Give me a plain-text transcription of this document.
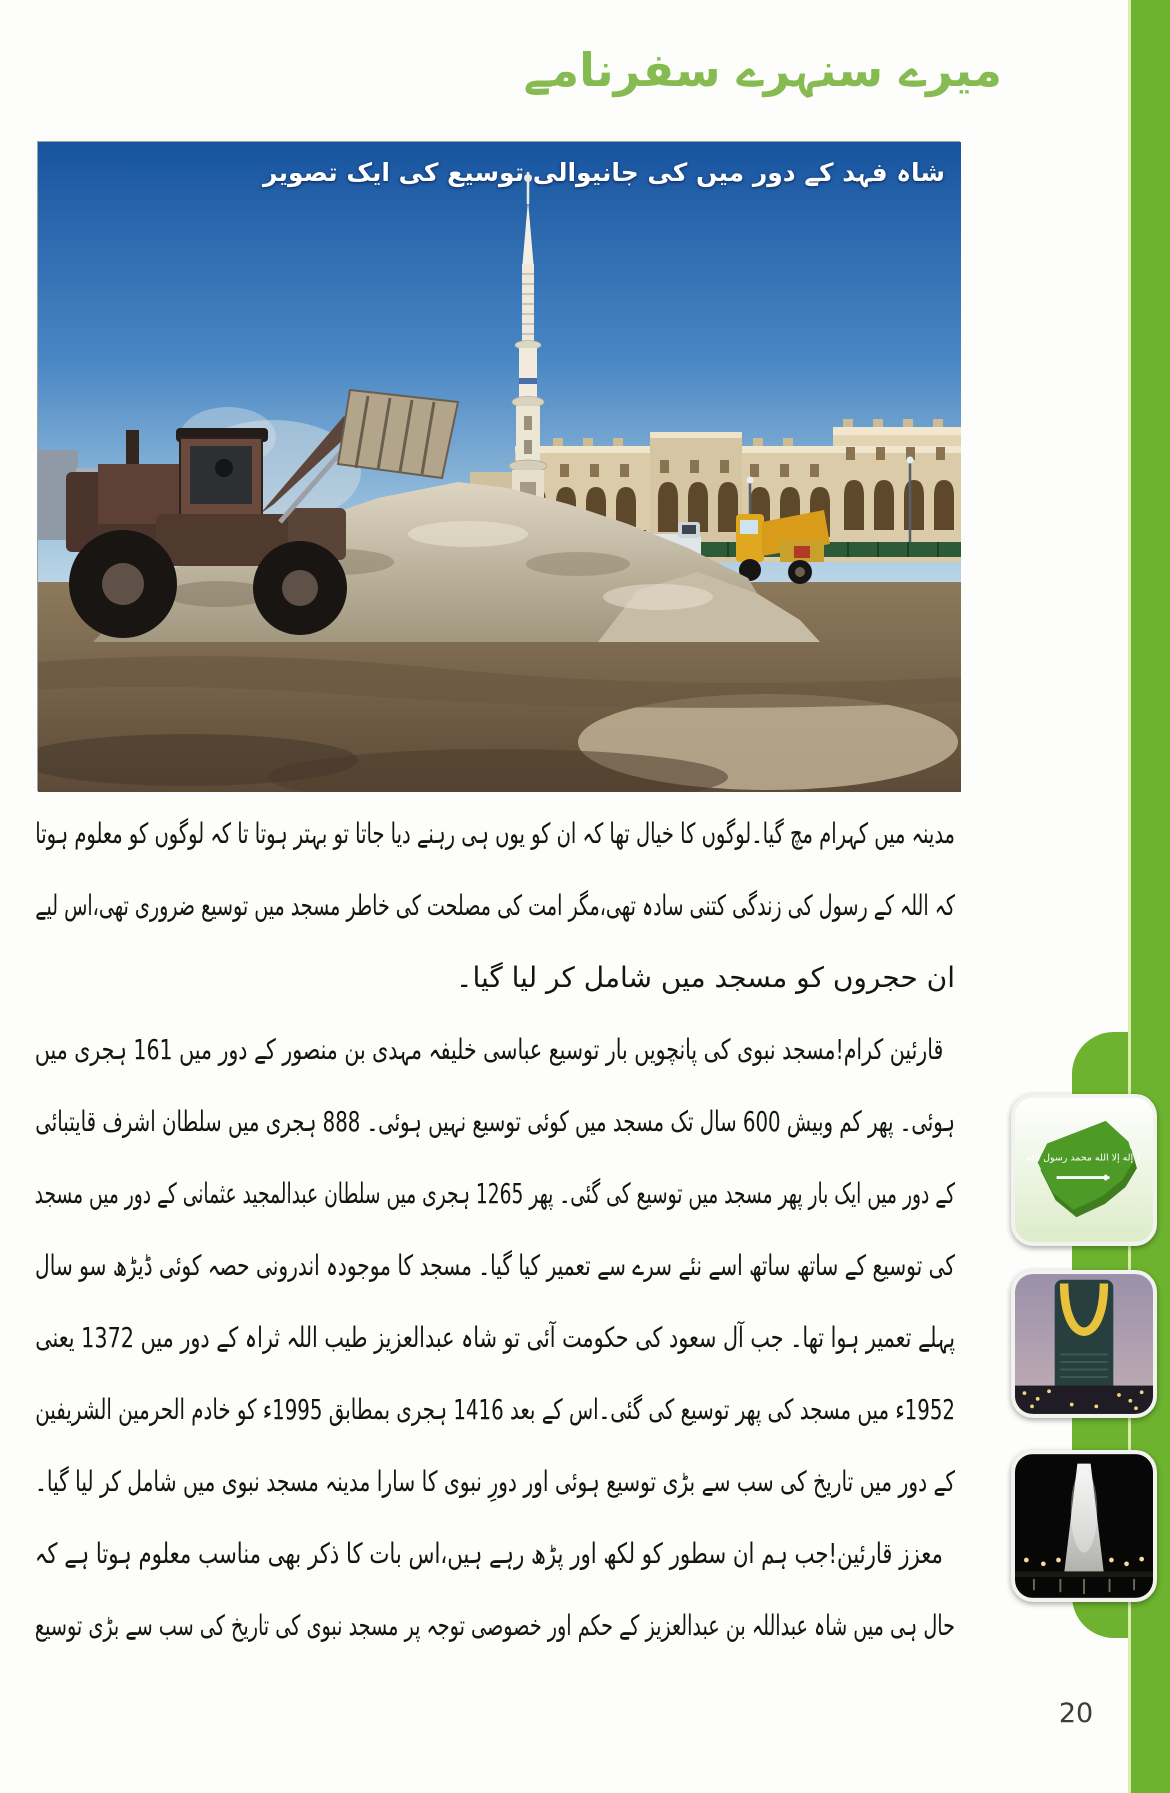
میرے سنہرے سفرنامے
شاہ فہد کے دور میں کی جانیوالی توسیع کی ایک تصویر
مدینہ میں کہرام مچ گیا۔لوگوں کا خیال تھا کہ ان کو یوں ہی رہنے دیا جاتا تو بہتر ہوتا تا کہ لوگوں کو معلوم ہوتا
کہ اللہ کے رسول کی زندگی کتنی سادہ تھی،مگر امت کی مصلحت کی خاطر مسجد میں توسیع ضروری تھی،اس لیے
ان حجروں کو مسجد میں شامل کر لیا گیا۔
قارئین کرام!مسجد نبوی کی پانچویں بار توسیع عباسی خلیفہ مہدی بن منصور کے دور میں 161 ہجری میں
ہوئی۔ پھر کم وبیش 600 سال تک مسجد میں کوئی توسیع نہیں ہوئی۔ 888 ہجری میں سلطان اشرف قایتبائی
کے دور میں ایک بار پھر مسجد میں توسیع کی گئی۔ پھر 1265 ہجری میں سلطان عبدالمجید عثمانی کے دور میں مسجد
کی توسیع کے ساتھ ساتھ اسے نئے سرے سے تعمیر کیا گیا۔ مسجد کا موجودہ اندرونی حصہ کوئی ڈیڑھ سو سال
پہلے تعمیر ہوا تھا۔ جب آل سعود کی حکومت آئی تو شاہ عبدالعزیز طیب اللہ ثراہ کے دور میں 1372 یعنی
1952ء میں مسجد کی پھر توسیع کی گئی۔اس کے بعد 1416 ہجری بمطابق 1995ء کو خادم الحرمین الشریفین
کے دور میں تاریخ کی سب سے بڑی توسیع ہوئی اور دورِ نبوی کا سارا مدینہ مسجد نبوی میں شامل کر لیا گیا۔
معزز قارئین!جب ہم ان سطور کو لکھ اور پڑھ رہے ہیں،اس بات کا ذکر بھی مناسب معلوم ہوتا ہے کہ
حال ہی میں شاہ عبداللہ بن عبدالعزیز کے حکم اور خصوصی توجہ پر مسجد نبوی کی تاریخ کی سب سے بڑی توسیع
لا إله إلا الله محمد رسول الله
20
